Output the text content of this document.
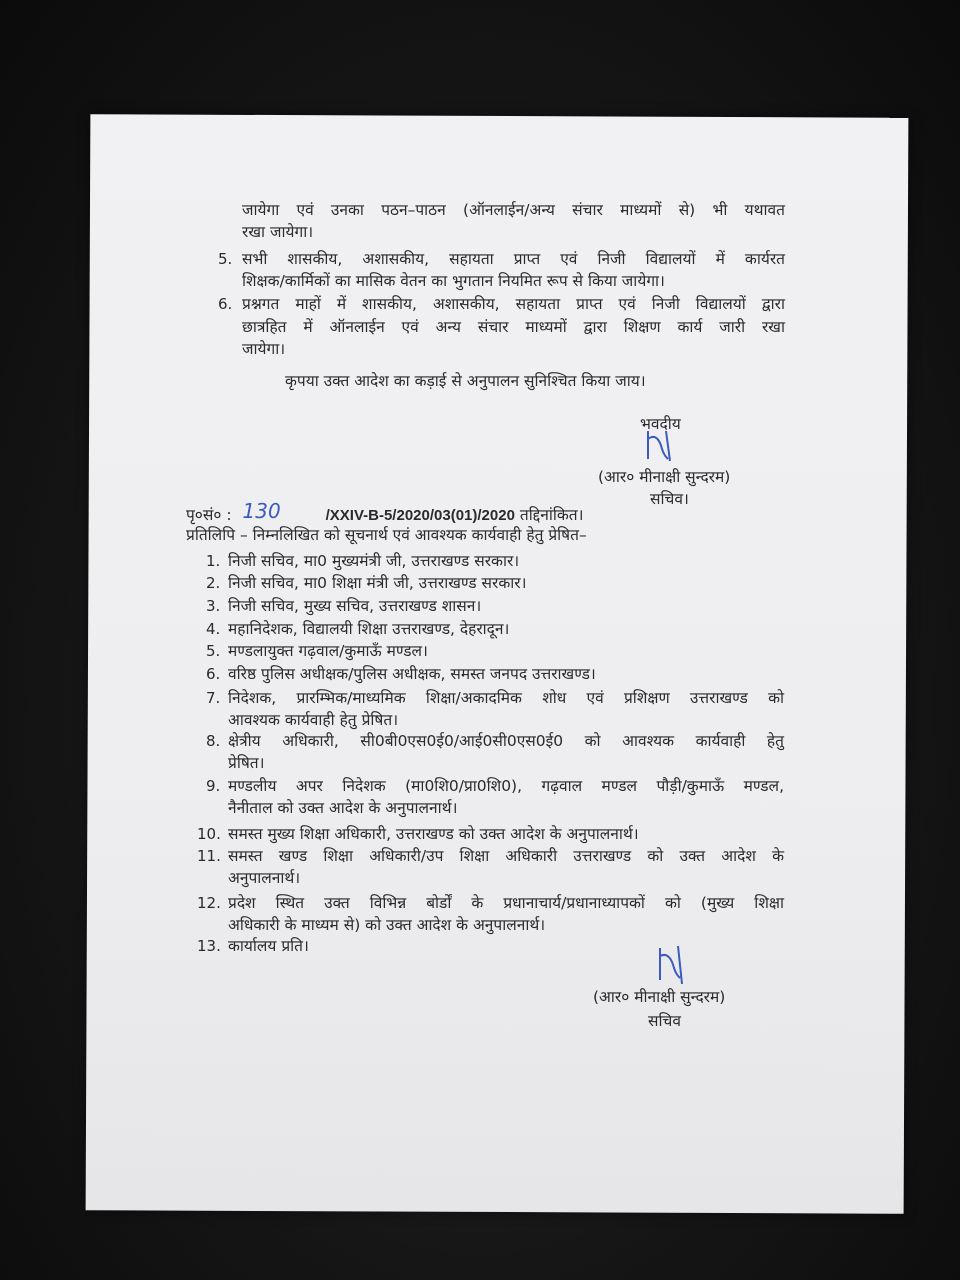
जायेगा एवं उनका पठन–पाठन (ऑनलाईन/अन्य संचार माध्यमों से) भी यथावत
रखा जायेगा।
5. सभी शासकीय, अशासकीय, सहायता प्राप्त एवं निजी विद्यालयों में कार्यरत
शिक्षक/कार्मिकों का मासिक वेतन का भुगतान नियमित रूप से किया जायेगा।
6. प्रश्नगत माहों में शासकीय, अशासकीय, सहायता प्राप्त एवं निजी विद्यालयों द्वारा
छात्रहित में ऑनलाईन एवं अन्य संचार माध्यमों द्वारा शिक्षण कार्य जारी रखा
जायेगा।
कृपया उक्त आदेश का कड़ाई से अनुपालन सुनिश्चित किया जाय।
भवदीय
(आर० मीनाक्षी सुन्दरम)
सचिव।
पृ०सं० : 130	/XXIV-B-5/2020/03(01)/2020 तद्दिनांकित।
प्रतिलिपि – निम्नलिखित को सूचनार्थ एवं आवश्यक कार्यवाही हेतु प्रेषित–
1. निजी सचिव, मा0 मुख्यमंत्री जी, उत्तराखण्ड सरकार।
2. निजी सचिव, मा0 शिक्षा मंत्री जी, उत्तराखण्ड सरकार।
3. निजी सचिव, मुख्य सचिव, उत्तराखण्ड शासन।
4. महानिदेशक, विद्यालयी शिक्षा उत्तराखण्ड, देहरादून।
5. मण्डलायुक्त गढ़वाल/कुमाऊँ मण्डल।
6. वरिष्ठ पुलिस अधीक्षक/पुलिस अधीक्षक, समस्त जनपद उत्तराखण्ड।
7. निदेशक, प्रारम्भिक/माध्यमिक शिक्षा/अकादमिक शोध एवं प्रशिक्षण उत्तराखण्ड को
आवश्यक कार्यवाही हेतु प्रेषित।
8. क्षेत्रीय अधिकारी, सी0बी0एस0ई0/आई0सी0एस0ई0 को आवश्यक कार्यवाही हेतु
प्रेषित।
9. मण्डलीय अपर निदेशक (मा0शि0/प्रा0शि0), गढ़वाल मण्डल पौड़ी/कुमाऊँ मण्डल,
नैनीताल को उक्त आदेश के अनुपालनार्थ।
10. समस्त मुख्य शिक्षा अधिकारी, उत्तराखण्ड को उक्त आदेश के अनुपालनार्थ।
11. समस्त खण्ड शिक्षा अधिकारी/उप शिक्षा अधिकारी उत्तराखण्ड को उक्त आदेश के
अनुपालनार्थ।
12. प्रदेश स्थित उक्त विभिन्न बोर्डों के प्रधानाचार्य/प्रधानाध्यापकों को (मुख्य शिक्षा
अधिकारी के माध्यम से) को उक्त आदेश के अनुपालनार्थ।
13. कार्यालय प्रति।
(आर० मीनाक्षी सुन्दरम)
सचिव
